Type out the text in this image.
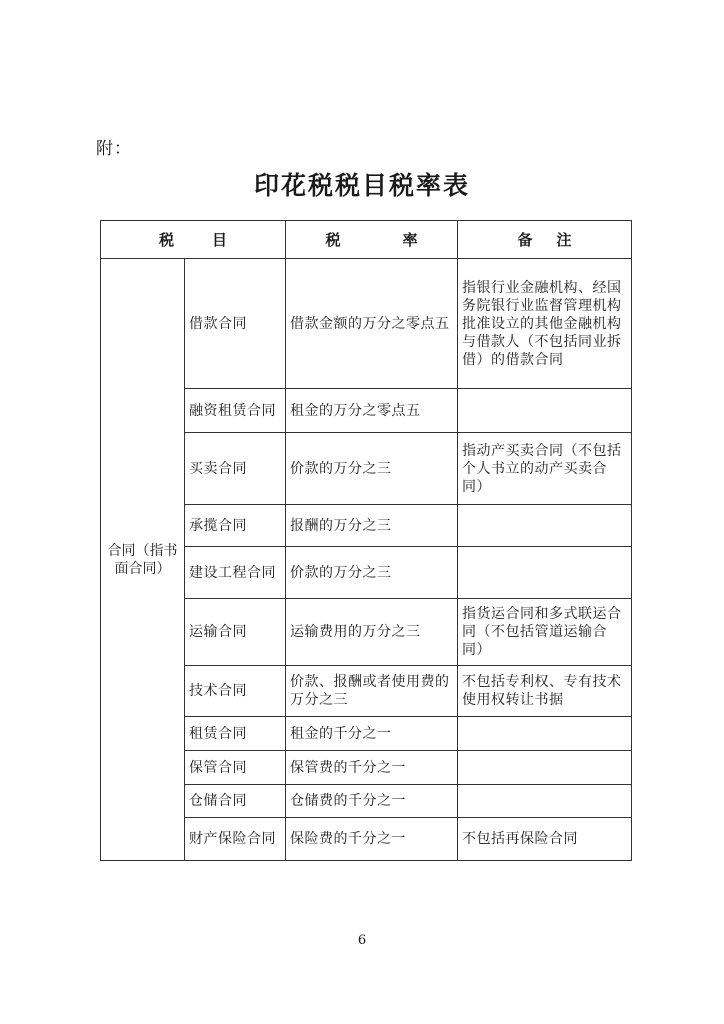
附：
印花税税目税率表
税 目		税 率	备 注

合同（指书面合同）	借款合同	借款金额的万分之零点五	指银行业金融机构、经国务院银行业监督管理机构批准设立的其他金融机构与借款人（不包括同业拆借）的借款合同
	融资租赁合同	租金的万分之零点五	
	买卖合同	价款的万分之三	指动产买卖合同（不包括个人书立的动产买卖合同）
	承揽合同	报酬的万分之三	
	建设工程合同	价款的万分之三	
	运输合同	运输费用的万分之三	指货运合同和多式联运合同（不包括管道运输合同）
	技术合同	价款、报酬或者使用费的万分之三	不包括专利权、专有技术使用权转让书据
	租赁合同	租金的千分之一	
	保管合同	保管费的千分之一	
	仓储合同	仓储费的千分之一	
	财产保险合同	保险费的千分之一	不包括再保险合同
6
